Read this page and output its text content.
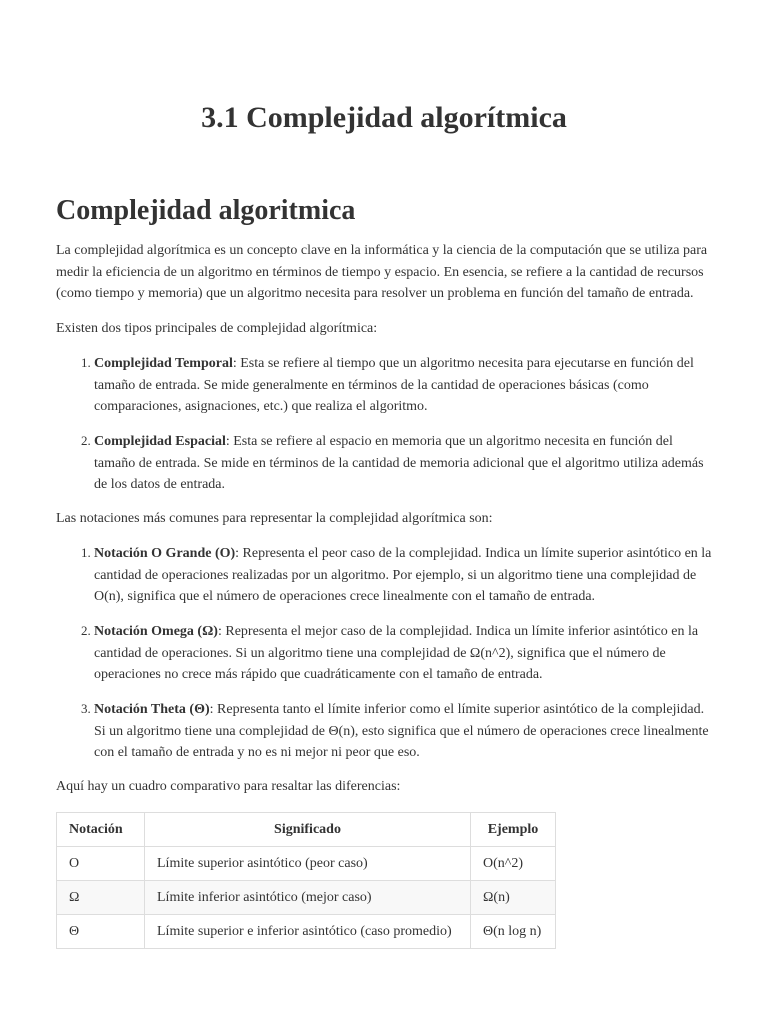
3.1 Complejidad algorítmica
Complejidad algoritmica

La complejidad algorítmica es un concepto clave en la informática y la ciencia de la computación que se utiliza para medir la eficiencia de un algoritmo en términos de tiempo y espacio. En esencia, se refiere a la cantidad de recursos (como tiempo y memoria) que un algoritmo necesita para resolver un problema en función del tamaño de entrada.

Existen dos tipos principales de complejidad algorítmica:

1. Complejidad Temporal: Esta se refiere al tiempo que un algoritmo necesita para ejecutarse en función del tamaño de entrada. Se mide generalmente en términos de la cantidad de operaciones básicas (como comparaciones, asignaciones, etc.) que realiza el algoritmo.
2. Complejidad Espacial: Esta se refiere al espacio en memoria que un algoritmo necesita en función del tamaño de entrada. Se mide en términos de la cantidad de memoria adicional que el algoritmo utiliza además de los datos de entrada.

Las notaciones más comunes para representar la complejidad algorítmica son:

1. Notación O Grande (O): Representa el peor caso de la complejidad. Indica un límite superior asintótico en la cantidad de operaciones realizadas por un algoritmo. Por ejemplo, si un algoritmo tiene una complejidad de O(n), significa que el número de operaciones crece linealmente con el tamaño de entrada.
2. Notación Omega (Ω): Representa el mejor caso de la complejidad. Indica un límite inferior asintótico en la cantidad de operaciones. Si un algoritmo tiene una complejidad de Ω(n^2), significa que el número de operaciones no crece más rápido que cuadráticamente con el tamaño de entrada.
3. Notación Theta (Θ): Representa tanto el límite inferior como el límite superior asintótico de la complejidad. Si un algoritmo tiene una complejidad de Θ(n), esto significa que el número de operaciones crece linealmente con el tamaño de entrada y no es ni mejor ni peor que eso.

Aquí hay un cuadro comparativo para resaltar las diferencias:

Notación	Significado	Ejemplo
O	Límite superior asintótico (peor caso)	O(n^2)
Ω	Límite inferior asintótico (mejor caso)	Ω(n)
Θ	Límite superior e inferior asintótico (caso promedio)	Θ(n log n)
